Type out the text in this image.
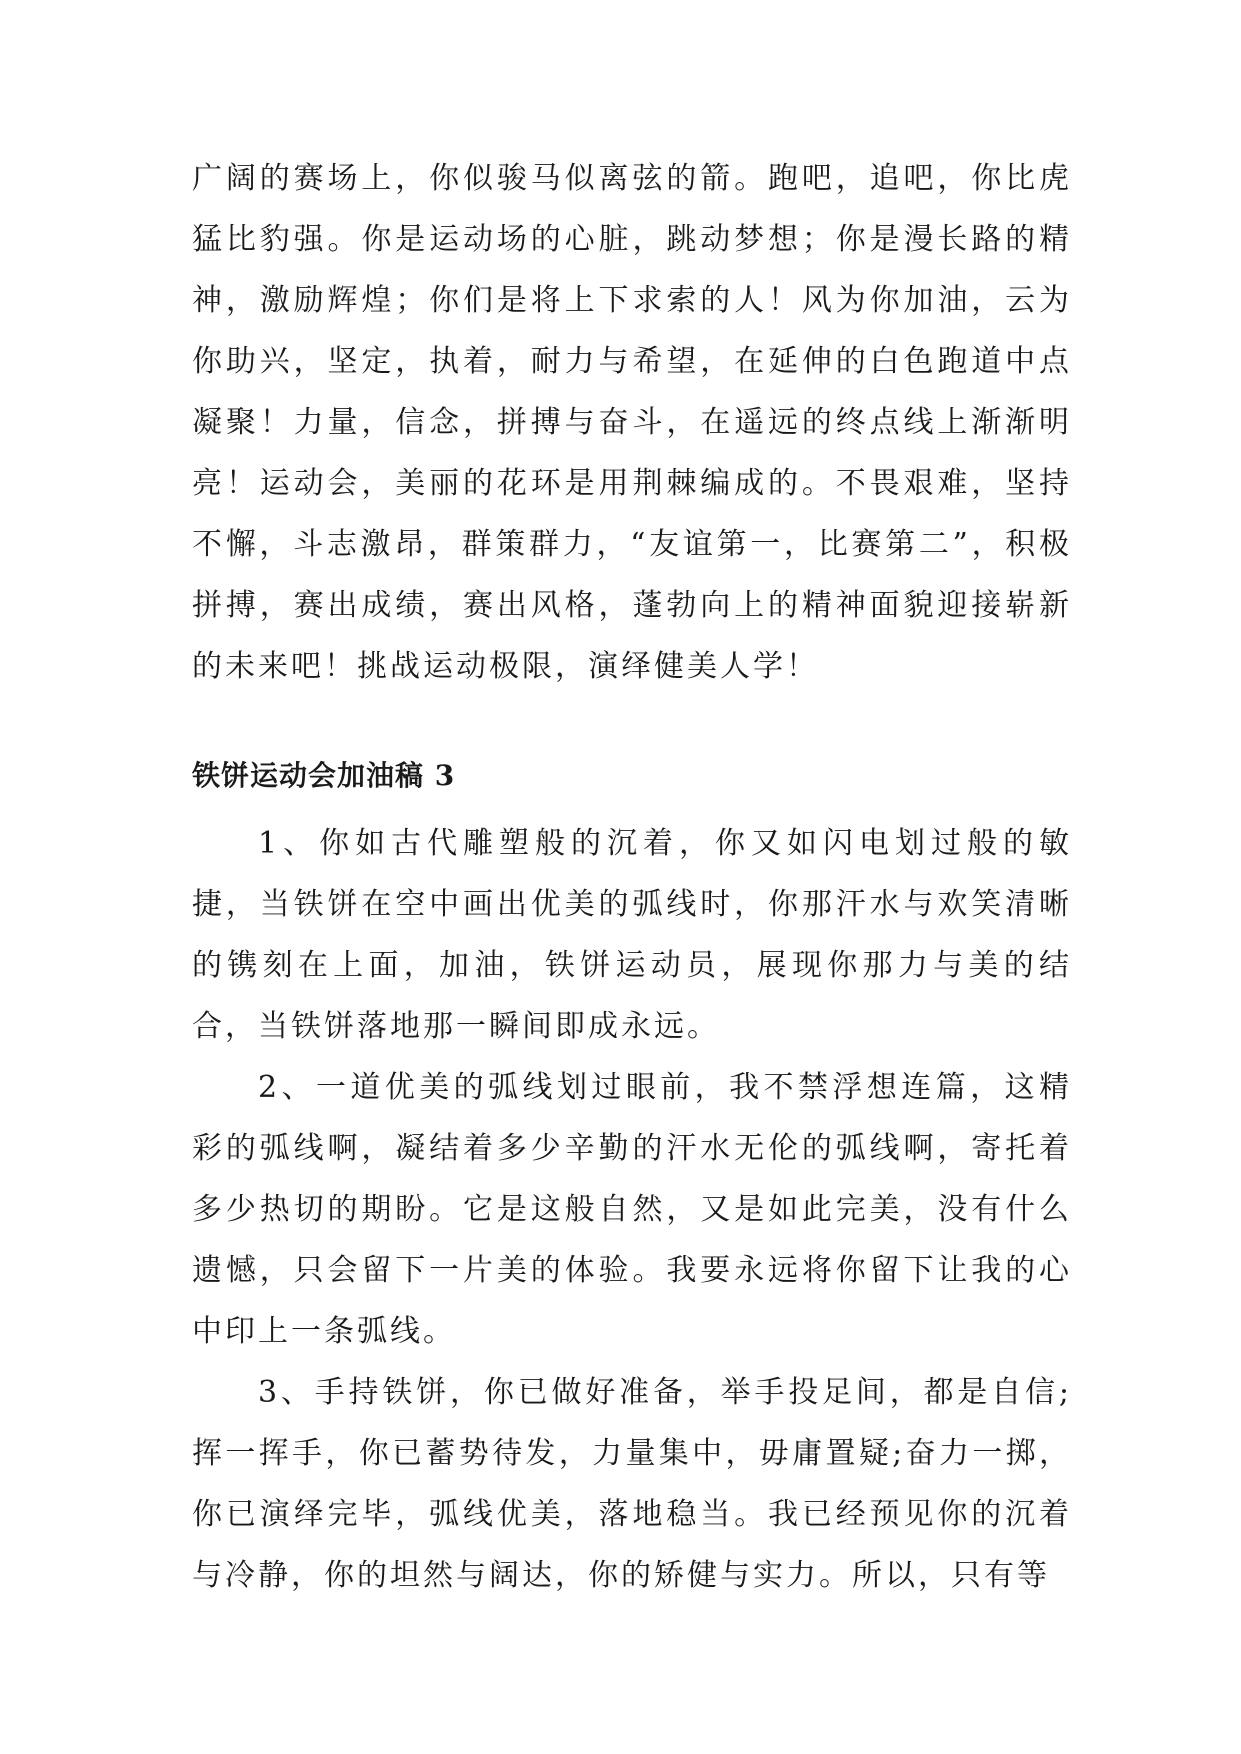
广阔的赛场上，你似骏马似离弦的箭。跑吧，追吧，你比虎猛比豹强。你是运动场的心脏，跳动梦想；你是漫长路的精神，激励辉煌；你们是将上下求索的人！风为你加油，云为你助兴，坚定，执着，耐力与希望，在延伸的白色跑道中点凝聚！力量，信念，拼搏与奋斗，在遥远的终点线上渐渐明亮！运动会，美丽的花环是用荆棘编成的。不畏艰难，坚持不懈，斗志激昂，群策群力，“友谊第一，比赛第二”，积极拼搏，赛出成绩，赛出风格，蓬勃向上的精神面貌迎接崭新的未来吧！挑战运动极限，演绎健美人学！

铁饼运动会加油稿 3

1、你如古代雕塑般的沉着，你又如闪电划过般的敏捷，当铁饼在空中画出优美的弧线时，你那汗水与欢笑清晰的镌刻在上面，加油，铁饼运动员，展现你那力与美的结合，当铁饼落地那一瞬间即成永远。

2、一道优美的弧线划过眼前，我不禁浮想连篇，这精彩的弧线啊，凝结着多少辛勤的汗水无伦的弧线啊，寄托着多少热切的期盼。它是这般自然，又是如此完美，没有什么遗憾，只会留下一片美的体验。我要永远将你留下让我的心中印上一条弧线。

3、手持铁饼，你已做好准备，举手投足间，都是自信;挥一挥手，你已蓄势待发，力量集中，毋庸置疑;奋力一掷，你已演绎完毕，弧线优美，落地稳当。我已经预见你的沉着与冷静，你的坦然与阔达，你的矫健与实力。所以，只有等
